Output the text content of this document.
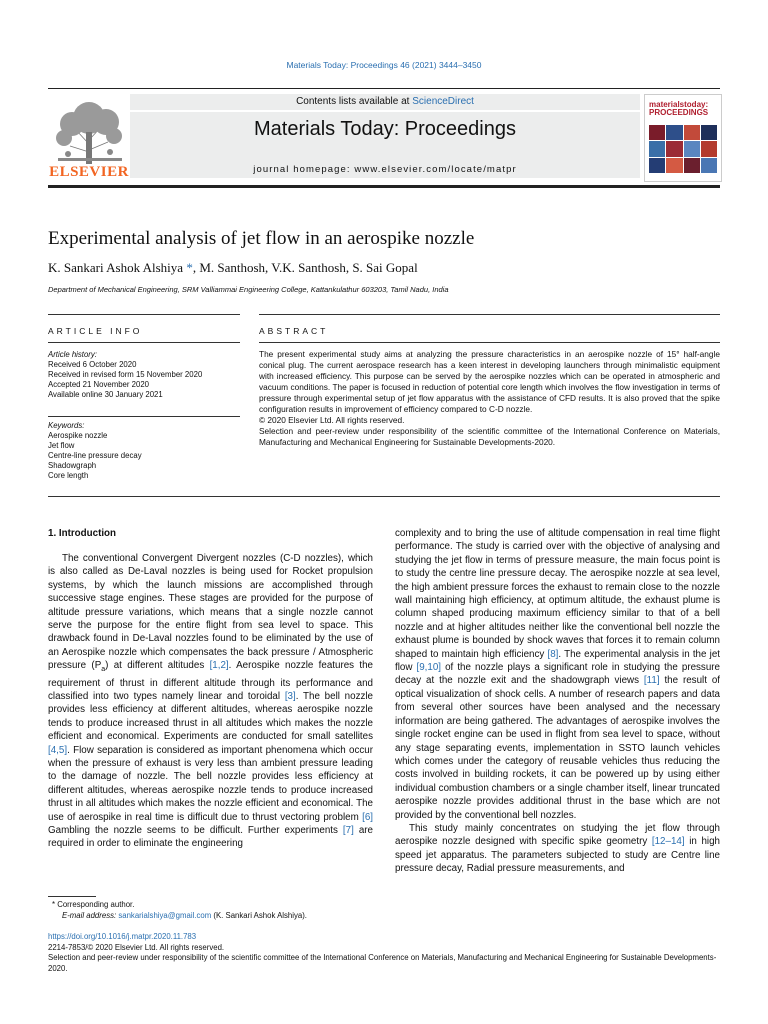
Materials Today: Proceedings 46 (2021) 3444–3450
ELSEVIER
Contents lists available at ScienceDirect
Materials Today: Proceedings
journal homepage: www.elsevier.com/locate/matpr
materialstoday:
PROCEEDINGS
Experimental analysis of jet flow in an aerospike nozzle
K. Sankari Ashok Alshiya *, M. Santhosh, V.K. Santhosh, S. Sai Gopal
Department of Mechanical Engineering, SRM Valliammai Engineering College, Kattankulathur 603203, Tamil Nadu, India
ARTICLE INFO	ABSTRACT
Article history:
Received 6 October 2020
Received in revised form 15 November 2020
Accepted 21 November 2020
Available online 30 January 2021
Keywords:
Aerospike nozzle
Jet flow
Centre-line pressure decay
Shadowgraph
Core length

The present experimental study aims at analyzing the pressure characteristics in an aerospike nozzle of 15° half-angle conical plug. The current aerospace research has a keen interest in developing launchers through minimalistic equipment with increased efficiency. This purpose can be served by the aerospike nozzles which can be operated in atmospheric and vacuum conditions. The paper is focused in reduction of potential core length which involves the flow investigation in terms of pressure through experimental setup of jet flow apparatus with the assistance of CFD results. It is also proved that the spike configuration results in improvement of efficiency compared to C-D nozzle.

© 2020 Elsevier Ltd. All rights reserved.

Selection and peer-review under responsibility of the scientific committee of the International Conference on Materials, Manufacturing and Mechanical Engineering for Sustainable Developments-2020.

1. Introduction

The conventional Convergent Divergent nozzles (C-D nozzles), which is also called as De-Laval nozzles is being used for Rocket propulsion systems, by which the launch missions are accomplished through successive stage engines. These stages are provided for the purpose of altitude pressure variations, which means that a single nozzle cannot serve the purpose for the entire flight from sea level to space. This drawback found in De-Laval nozzles found to be eliminated by the use of an Aerospike nozzle which compensates the back pressure / Atmospheric pressure $(P_a)$ at different altitudes [1,2]. Aerospike nozzle features the requirement of thrust in different altitude through its performance and classified into two types namely linear and toroidal [3]. The bell nozzle provides less efficiency at different altitudes, whereas aerospike nozzle tends to produce increased thrust in all altitudes which makes the nozzle efficient and economical. Experiments are conducted for small satellites [4,5]. Flow separation is considered as important phenomena which occur when the pressure of exhaust is very less than ambient pressure leading to the damage of nozzle. The bell nozzle provides less efficiency at different altitudes, whereas aerospike nozzle tends to produce increased thrust in all altitudes which makes the nozzle efficient and economical. The use of aerospike in real time is difficult due to thrust vectoring problem [6] Gambling the nozzle seems to be difficult. Further experiments [7] are required in order to eliminate the engineering

complexity and to bring the use of altitude compensation in real time flight performance. The study is carried over with the objective of analysing and studying the jet flow in terms of pressure measure, the main focus point is to study the centre line pressure decay. The aerospike nozzle at sea level, the high ambient pressure forces the exhaust to remain close to the nozzle wall maintaining high efficiency, at optimum altitude, the exhaust plume is column shaped producing maximum efficiency similar to that of a bell nozzle and at higher altitudes neither like the conventional bell nozzle the exhaust plume is bounded by shock waves that forces it to remain column shaped to maintain high efficiency [8]. The experimental analysis in the jet flow [9,10] of the nozzle plays a significant role in studying the pressure decay at the nozzle exit and the shadowgraph views [11] the result of optical visualization of shock cells. A number of research papers and data from several other sources have been analysed and the necessary information are being gathered. The advantages of aerospike involves the single rocket engine can be used in flight from sea level to space, without any stage separating events, implementation in SSTO launch vehicles which comes under the category of reusable vehicles thus reducing the costs involved in building rockets, it can be powered up by using either individual combustion chambers or a single chamber itself, linear truncated aerospike nozzle provides additional thrust in the base which are not provided by the conventional bell nozzles.

This study mainly concentrates on studying the jet flow through aerospike nozzle designed with specific spike geometry [12–14] in high speed jet apparatus. The parameters subjected to study are Centre line pressure decay, Radial pressure measurements, and

* Corresponding author.
E-mail address: sankarialshiya@gmail.com (K. Sankari Ashok Alshiya).
https://doi.org/10.1016/j.matpr.2020.11.783
2214-7853/© 2020 Elsevier Ltd. All rights reserved.
Selection and peer-review under responsibility of the scientific committee of the International Conference on Materials, Manufacturing and Mechanical Engineering for Sustainable Developments-2020.
